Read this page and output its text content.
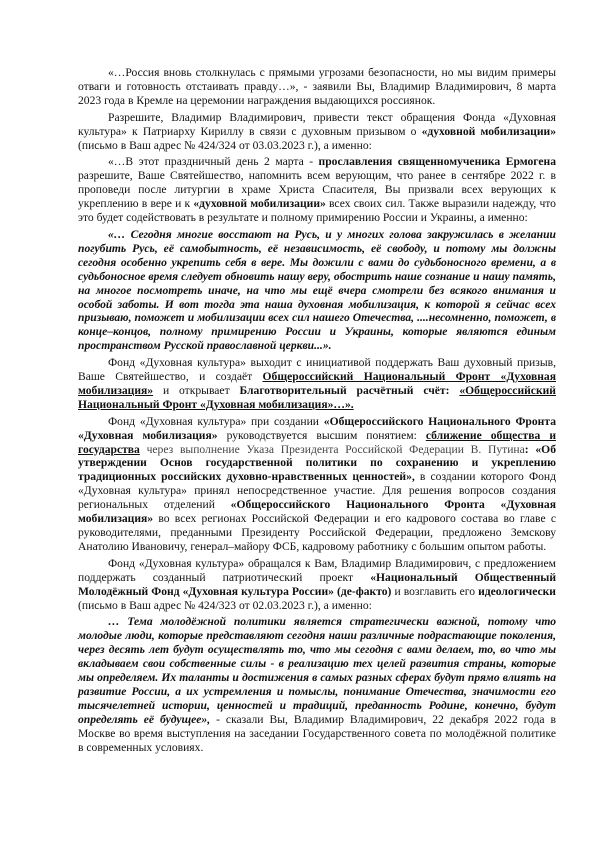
«…Россия вновь столкнулась с прямыми угрозами безопасности, но мы видим примеры отваги и готовность отстаивать правду…», - заявили Вы, Владимир Владимирович, 8 марта 2023 года в Кремле на церемонии награждения выдающихся россиянок.

Разрешите, Владимир Владимирович, привести текст обращения Фонда «Духовная культура» к Патриарху Кириллу в связи с духовным призывом о «духовной мобилизации» (письмо в Ваш адрес № 424/324 от 03.03.2023 г.), а именно:

«…В этот праздничный день 2 марта - прославления священномученика Ермогена разрешите, Ваше Святейшество, напомнить всем верующим, что ранее в сентябре 2022 г. в проповеди после литургии в храме Христа Спасителя, Вы призвали всех верующих к укреплению в вере и к «духовной мобилизации» всех своих сил. Также выразили надежду, что это будет содействовать в результате и полному примирению России и Украины, а именно:

«… Сегодня многие восстают на Русь, и у многих голова закружилась в желании погубить Русь, её самобытность, её независимость, её свободу, и потому мы должны сегодня особенно укрепить себя в вере. Мы дожили с вами до судьбоносного времени, а в судьбоносное время следует обновить нашу веру, обострить наше сознание и нашу память, на многое посмотреть иначе, на что мы ещё вчера смотрели без всякого внимания и особой заботы. И вот тогда эта наша духовная мобилизация, к которой я сейчас всех призываю, поможет и мобилизации всех сил нашего Отечества, ....несомненно, поможет, в конце–концов, полному примирению России и Украины, которые являются единым пространством Русской православной церкви...».

Фонд «Духовная культура» выходит с инициативой поддержать Ваш духовный призыв, Ваше Святейшество, и создаёт Общероссийский Национальный Фронт «Духовная мобилизация» и открывает Благотворительный расчётный счёт: «Общероссийский Национальный Фронт «Духовная мобилизация»…».

Фонд «Духовная культура» при создании «Общероссийского Национального Фронта «Духовная мобилизация» руководствуется высшим понятием: сближение общества и государства через выполнение Указа Президента Российской Федерации В. Путина: «Об утверждении Основ государственной политики по сохранению и укреплению традиционных российских духовно-нравственных ценностей», в создании которого Фонд «Духовная культура» принял непосредственное участие. Для решения вопросов создания региональных отделений «Общероссийского Национального Фронта «Духовная мобилизация» во всех регионах Российской Федерации и его кадрового состава во главе с руководителями, преданными Президенту Российской Федерации, предложено Земскову Анатолию Ивановичу, генерал–майору ФСБ, кадровому работнику с большим опытом работы.

Фонд «Духовная культура» обращался к Вам, Владимир Владимирович, с предложением поддержать созданный патриотический проект «Национальный Общественный Молодёжный Фонд «Духовная культура России» (де-факто) и возглавить его идеологически (письмо в Ваш адрес № 424/323 от 02.03.2023 г.), а именно:

… Тема молодёжной политики является стратегически важной, потому что молодые люди, которые представляют сегодня наши различные подрастающие поколения, через десять лет будут осуществлять то, что мы сегодня с вами делаем, то, во что мы вкладываем свои собственные силы - в реализацию тех целей развития страны, которые мы определяем. Их таланты и достижения в самых разных сферах будут прямо влиять на развитие России, а их устремления и помыслы, понимание Отечества, значимости его тысячелетней истории, ценностей и традиций, преданность Родине, конечно, будут определять её будущее», - сказали Вы, Владимир Владимирович, 22 декабря 2022 года в Москве во время выступления на заседании Государственного совета по молодёжной политике в современных условиях.
